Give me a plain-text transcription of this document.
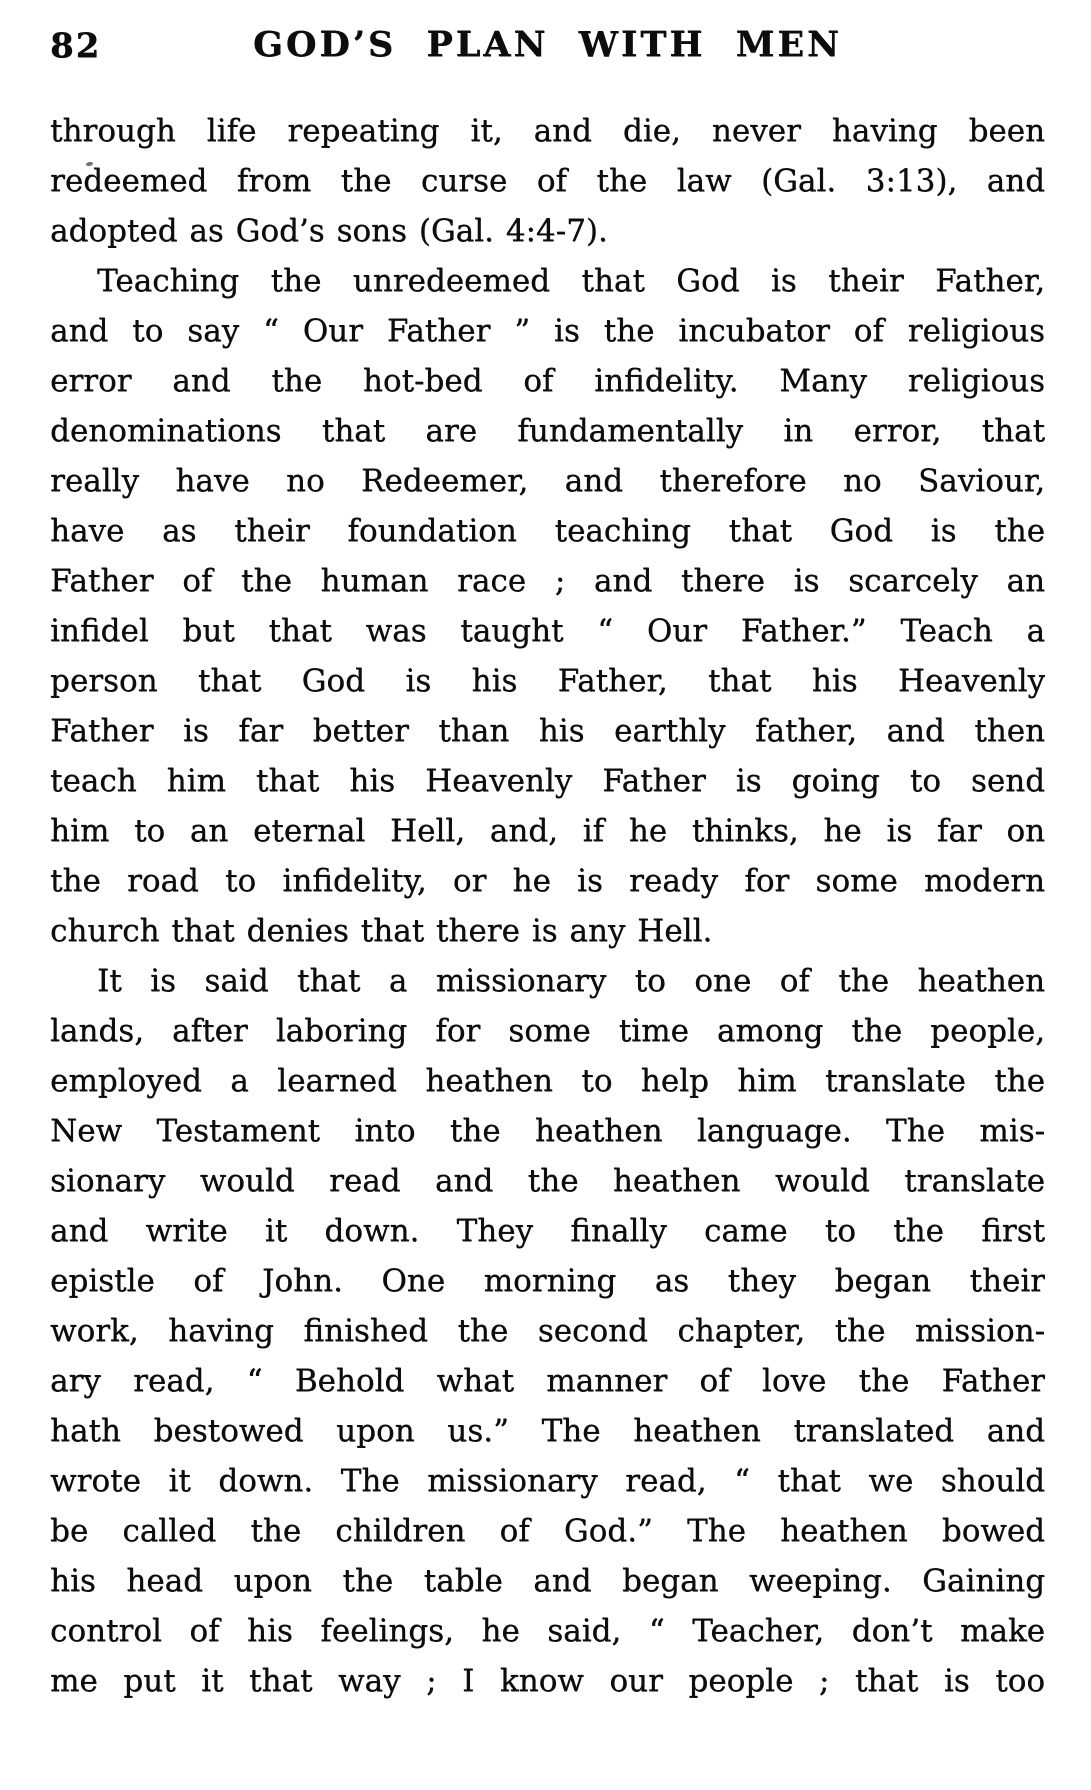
82	GOD’S PLAN WITH MEN
through life repeating it, and die, never having been
redeemed from the curse of the law (Gal. 3:13), and
adopted as God’s sons (Gal. 4:4-7).
Teaching the unredeemed that God is their Father,
and to say “ Our Father ” is the incubator of religious
error and the hot-bed of infidelity. Many religious
denominations that are fundamentally in error, that
really have no Redeemer, and therefore no Saviour,
have as their foundation teaching that God is the
Father of the human race ; and there is scarcely an
infidel but that was taught “ Our Father.” Teach a
person that God is his Father, that his Heavenly
Father is far better than his earthly father, and then
teach him that his Heavenly Father is going to send
him to an eternal Hell, and, if he thinks, he is far on
the road to infidelity, or he is ready for some modern
church that denies that there is any Hell.
It is said that a missionary to one of the heathen
lands, after laboring for some time among the people,
employed a learned heathen to help him translate the
New Testament into the heathen language. The mis-
sionary would read and the heathen would translate
and write it down. They finally came to the first
epistle of John. One morning as they began their
work, having finished the second chapter, the mission-
ary read, “ Behold what manner of love the Father
hath bestowed upon us.” The heathen translated and
wrote it down. The missionary read, “ that we should
be called the children of God.” The heathen bowed
his head upon the table and began weeping. Gaining
control of his feelings, he said, “ Teacher, don’t make
me put it that way ; I know our people ; that is too
